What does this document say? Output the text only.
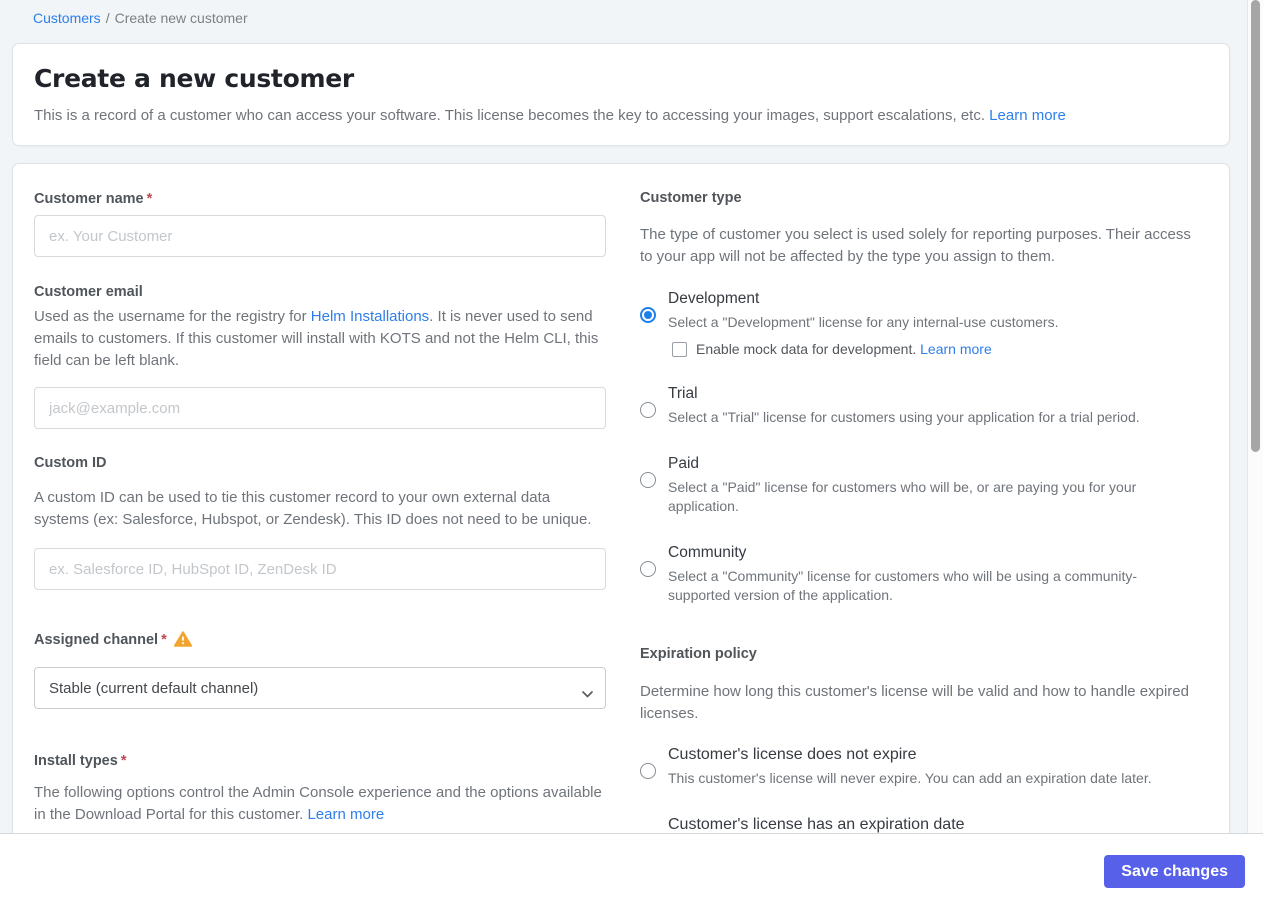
Customers / Create new customer
Create a new customer
This is a record of a customer who can access your software. This license becomes the key to accessing your images, support escalations, etc. Learn more
Customer name *
ex. Your Customer
Customer email
Used as the username for the registry for Helm Installations. It is never used to send emails to customers. If this customer will install with KOTS and not the Helm CLI, this field can be left blank.
jack@example.com
Custom ID
A custom ID can be used to tie this customer record to your own external data systems (ex: Salesforce, Hubspot, or Zendesk). This ID does not need to be unique.
ex. Salesforce ID, HubSpot ID, ZenDesk ID
Assigned channel *
Stable (current default channel)
Install types *
The following options control the Admin Console experience and the options available in the Download Portal for this customer. Learn more
Customer type
The type of customer you select is used solely for reporting purposes. Their access to your app will not be affected by the type you assign to them.
Development
Select a "Development" license for any internal-use customers.
Enable mock data for development. Learn more
Trial
Select a "Trial" license for customers using your application for a trial period.
Paid
Select a "Paid" license for customers who will be, or are paying you for your application.
Community
Select a "Community" license for customers who will be using a community-supported version of the application.
Expiration policy
Determine how long this customer's license will be valid and how to handle expired licenses.
Customer's license does not expire
This customer's license will never expire. You can add an expiration date later.
Customer's license has an expiration date
Save changes
